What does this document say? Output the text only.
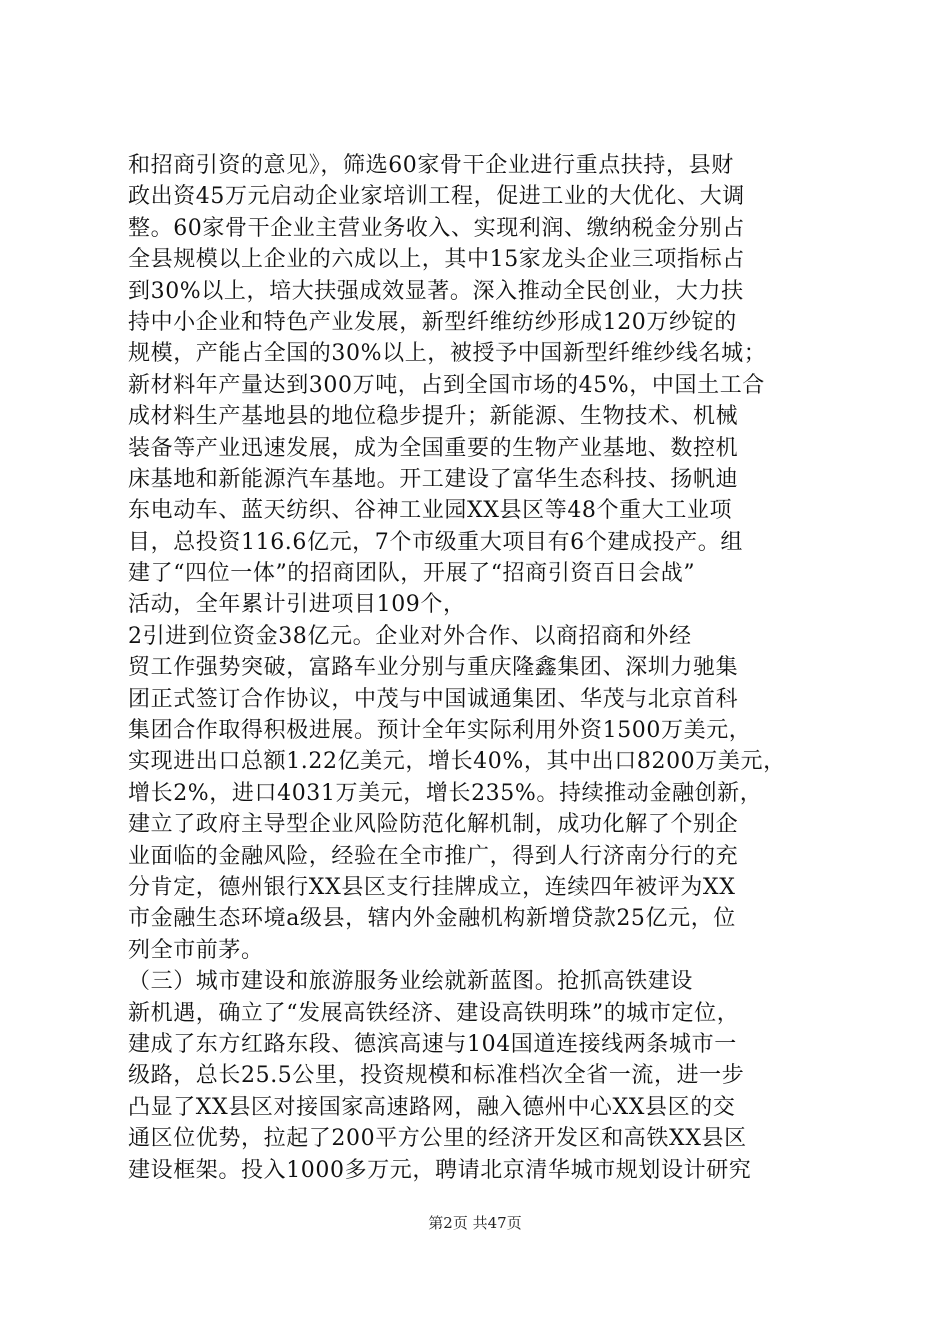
和招商引资的意见》，筛选60家骨干企业进行重点扶持，县财
政出资45万元启动企业家培训工程，促进工业的大优化、大调
整。60家骨干企业主营业务收入、实现利润、缴纳税金分别占
全县规模以上企业的六成以上，其中15家龙头企业三项指标占
到30%以上，培大扶强成效显著。深入推动全民创业，大力扶
持中小企业和特色产业发展，新型纤维纺纱形成120万纱锭的
规模，产能占全国的30%以上，被授予中国新型纤维纱线名城；
新材料年产量达到300万吨，占到全国市场的45%，中国土工合
成材料生产基地县的地位稳步提升；新能源、生物技术、机械
装备等产业迅速发展，成为全国重要的生物产业基地、数控机
床基地和新能源汽车基地。开工建设了富华生态科技、扬帆迪
东电动车、蓝天纺织、谷神工业园XX县区等48个重大工业项
目，总投资116.6亿元，7个市级重大项目有6个建成投产。组
建了“四位一体”的招商团队，开展了“招商引资百日会战”
活动，全年累计引进项目109个，
2引进到位资金38亿元。企业对外合作、以商招商和外经
贸工作强势突破，富路车业分别与重庆隆鑫集团、深圳力驰集
团正式签订合作协议，中茂与中国诚通集团、华茂与北京首科
集团合作取得积极进展。预计全年实际利用外资1500万美元，
实现进出口总额1.22亿美元，增长40%，其中出口8200万美元，
增长2%，进口4031万美元，增长235%。持续推动金融创新，
建立了政府主导型企业风险防范化解机制，成功化解了个别企
业面临的金融风险，经验在全市推广，得到人行济南分行的充
分肯定，德州银行XX县区支行挂牌成立，连续四年被评为XX
市金融生态环境a级县，辖内外金融机构新增贷款25亿元，位
列全市前茅。
（三）城市建设和旅游服务业绘就新蓝图。抢抓高铁建设
新机遇，确立了“发展高铁经济、建设高铁明珠”的城市定位，
建成了东方红路东段、德滨高速与104国道连接线两条城市一
级路，总长25.5公里，投资规模和标准档次全省一流，进一步
凸显了XX县区对接国家高速路网，融入德州中心XX县区的交
通区位优势，拉起了200平方公里的经济开发区和高铁XX县区
建设框架。投入1000多万元，聘请北京清华城市规划设计研究
第2页 共47页
